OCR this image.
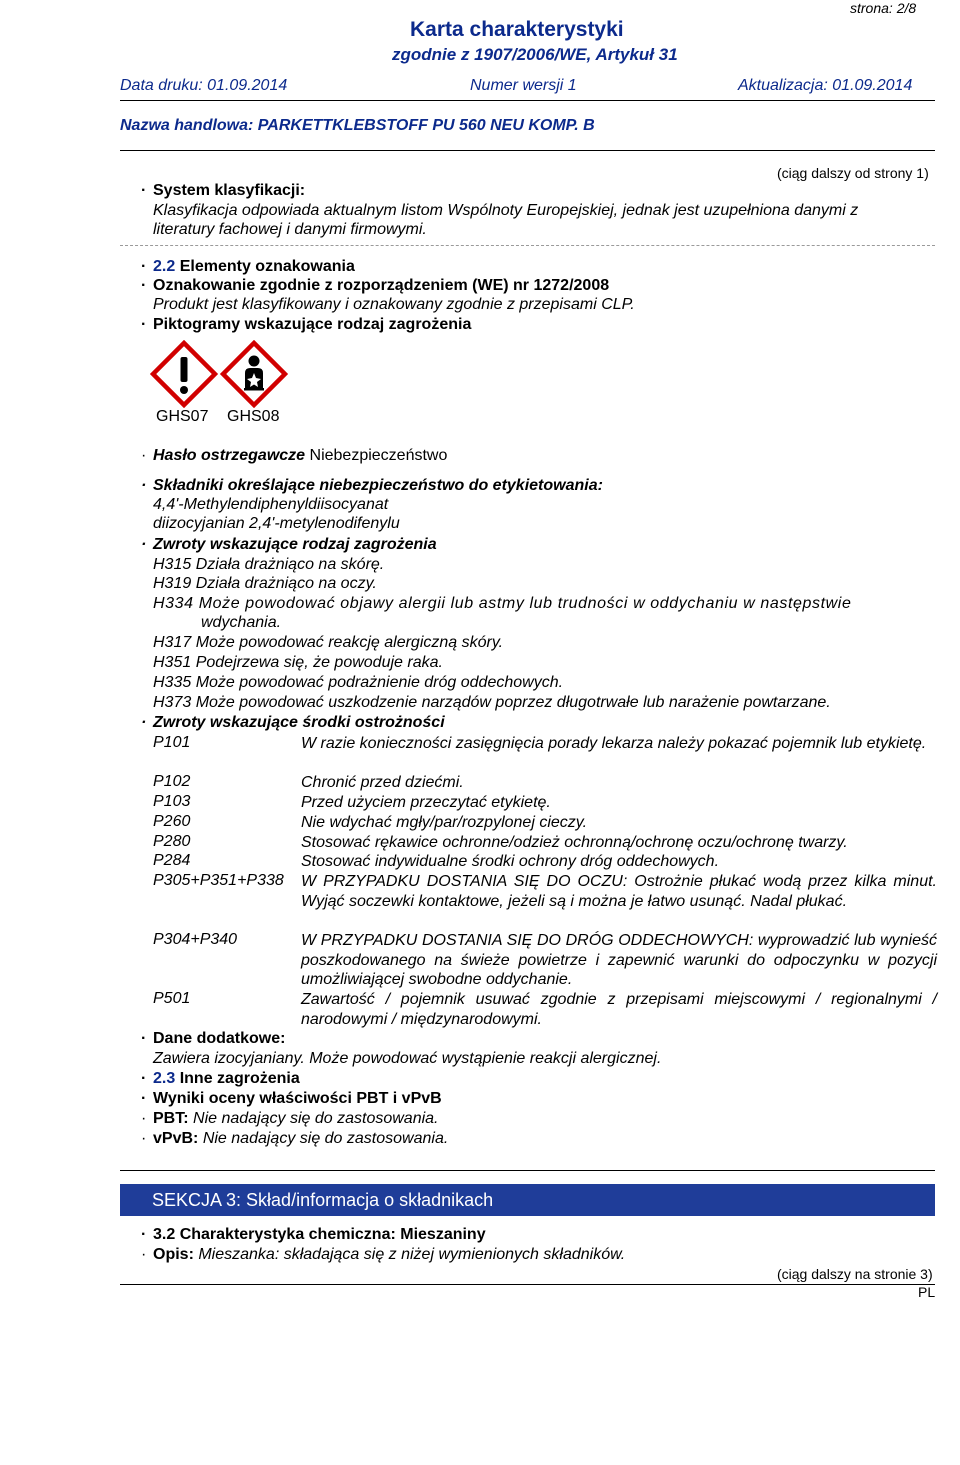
strona: 2/8
Karta charakterystyki
zgodnie z 1907/2006/WE, Artykuł 31
Data druku: 01.09.2014	Numer wersji 1	Aktualizacja: 01.09.2014
Nazwa handlowa: PARKETTKLEBSTOFF PU 560 NEU KOMP. B
(ciąg dalszy od strony 1)
· System klasyfikacji:
Klasyfikacja odpowiada aktualnym listom Wspólnoty Europejskiej, jednak jest uzupełniona danymi z
literatury fachowej i danymi firmowymi.
· 2.2 Elementy oznakowania
· Oznakowanie zgodnie z rozporządzeniem (WE) nr 1272/2008
Produkt jest klasyfikowany i oznakowany zgodnie z przepisami CLP.
· Piktogramy wskazujące rodzaj zagrożenia
GHS07 GHS08
· Hasło ostrzegawcze Niebezpieczeństwo
· Składniki określające niebezpieczeństwo do etykietowania:
4,4'-Methylendiphenyldiisocyanat
diizocyjanian 2,4'-metylenodifenylu
· Zwroty wskazujące rodzaj zagrożenia
H315 Działa drażniąco na skórę.
H319 Działa drażniąco na oczy.
H334 Może powodować objawy alergii lub astmy lub trudności w oddychaniu w następstwie
wdychania.
H317 Może powodować reakcję alergiczną skóry.
H351 Podejrzewa się, że powoduje raka.
H335 Może powodować podrażnienie dróg oddechowych.
H373 Może powodować uszkodzenie narządów poprzez długotrwałe lub narażenie powtarzane.
· Zwroty wskazujące środki ostrożności
P101	W razie konieczności zasięgnięcia porady lekarza należy pokazać pojemnik lub etykietę.
P102	Chronić przed dziećmi.
P103	Przed użyciem przeczytać etykietę.
P260	Nie wdychać mgły/par/rozpylonej cieczy.
P280	Stosować rękawice ochronne/odzież ochronną/ochronę oczu/ochronę twarzy.
P284	Stosować indywidualne środki ochrony dróg oddechowych.
P305+P351+P338 W PRZYPADKU DOSTANIA SIĘ DO OCZU: Ostrożnie płukać wodą przez kilka minut. Wyjąć soczewki kontaktowe, jeżeli są i można je łatwo usunąć. Nadal płukać.
P304+P340	W PRZYPADKU DOSTANIA SIĘ DO DRÓG ODDECHOWYCH: wyprowadzić lub wynieść poszkodowanego na świeże powietrze i zapewnić warunki do odpoczynku w pozycji umożliwiającej swobodne oddychanie.
P501	Zawartość / pojemnik usuwać zgodnie z przepisami miejscowymi / regionalnymi / narodowymi / międzynarodowymi.
· Dane dodatkowe:
Zawiera izocyjaniany. Może powodować wystąpienie reakcji alergicznej.
· 2.3 Inne zagrożenia
· Wyniki oceny właściwości PBT i vPvB
· PBT: Nie nadający się do zastosowania.
· vPvB: Nie nadający się do zastosowania.
SEKCJA 3: Skład/informacja o składnikach
· 3.2 Charakterystyka chemiczna: Mieszaniny
· Opis: Mieszanka: składająca się z niżej wymienionych składników.
(ciąg dalszy na stronie 3)
PL
